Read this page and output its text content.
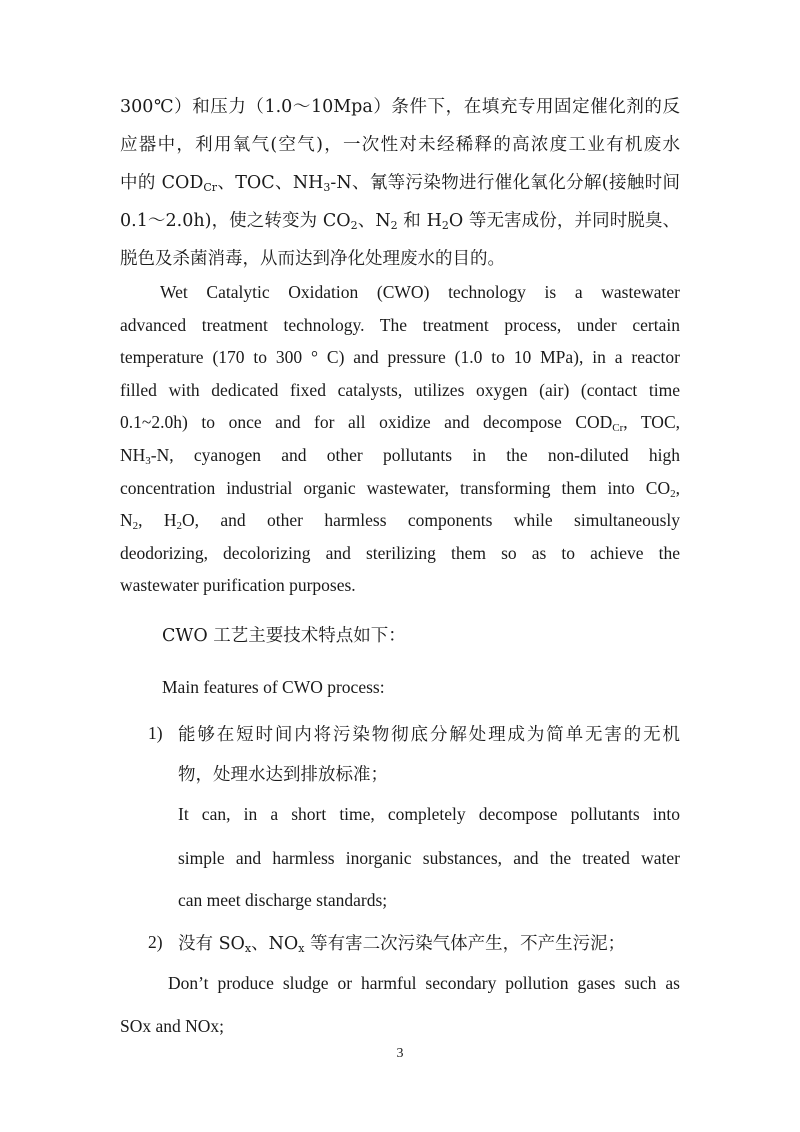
300℃）和压力（1.0～10Mpa）条件下，在填充专用固定催化剂的反
应器中，利用氧气(空气)，一次性对未经稀释的高浓度工业有机废水
中的 $COD_{Cr}$、TOC、$NH_3-N$、氰等污染物进行催化氧化分解(接触时间
0.1～2.0h)，使之转变为 $CO_2$、$N_2$ 和 $H_2O$ 等无害成份，并同时脱臭、
脱色及杀菌消毒，从而达到净化处理废水的目的。
Wet Catalytic Oxidation (CWO) technology is a wastewater
advanced treatment technology. The treatment process, under certain
temperature (170 to 300 ° C) and pressure (1.0 to 10 MPa), in a reactor
filled with dedicated fixed catalysts, utilizes oxygen (air) (contact time
0.1~2.0h) to once and for all oxidize and decompose $COD_{Cr}$, TOC,
$NH_3-N$, cyanogen and other pollutants in the non-diluted high
concentration industrial organic wastewater, transforming them into $CO_2$,
$N_2$, $H_2O$, and other harmless components while simultaneously
deodorizing, decolorizing and sterilizing them so as to achieve the
wastewater purification purposes.
CWO 工艺主要技术特点如下：
Main features of CWO process:
1) 能够在短时间内将污染物彻底分解处理成为简单无害的无机
物，处理水达到排放标准；
It can, in a short time, completely decompose pollutants into
simple and harmless inorganic substances, and the treated water
can meet discharge standards;
2) 没有 $SO_x$、$NO_x$ 等有害二次污染气体产生，不产生污泥；
Don’t produce sludge or harmful secondary pollution gases such as
SOx and NOx;
3
